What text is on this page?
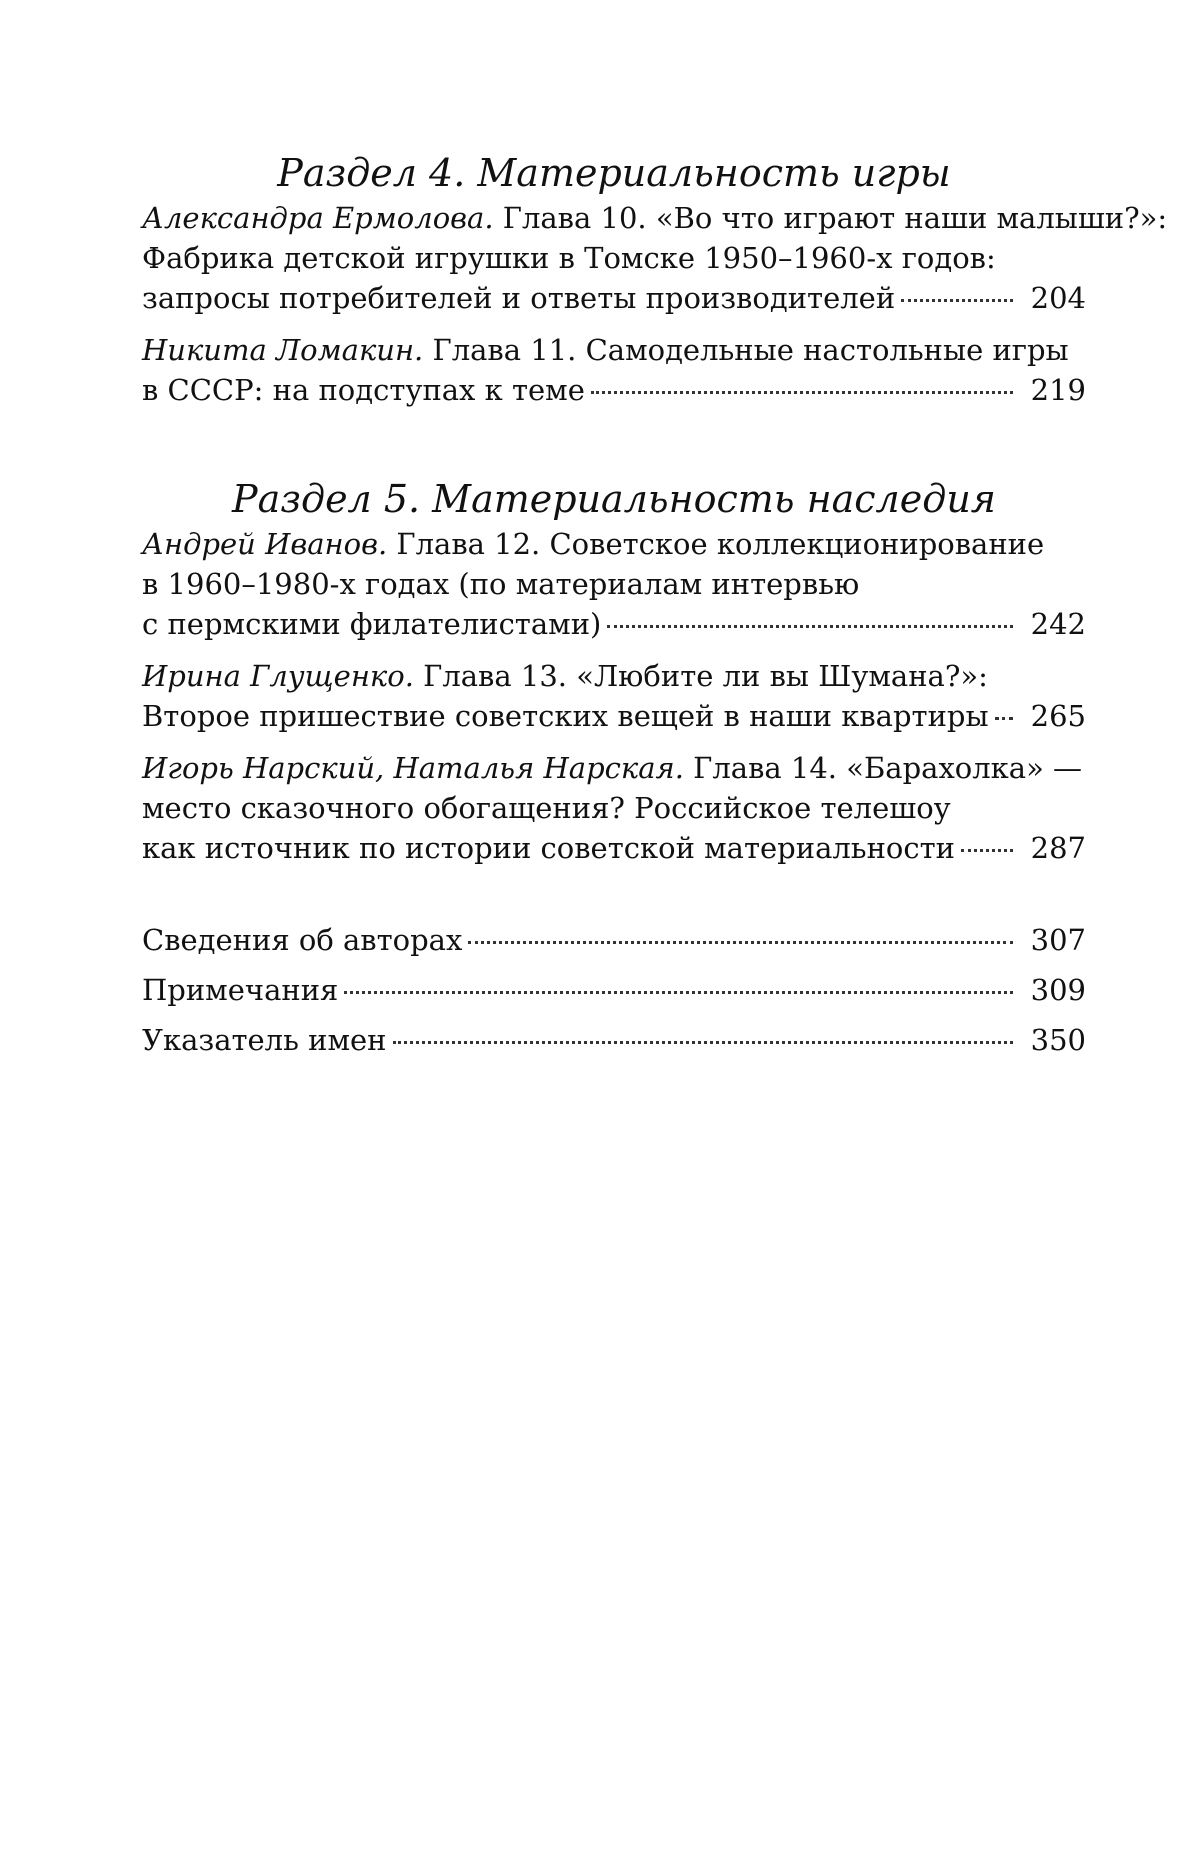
Раздел 4. Материальность игры
Александра Ермолова. Глава 10. «Во что играют наши малыши?»:
Фабрика детской игрушки в Томске 1950–1960-х годов:
запросы потребителей и ответы производителей	204
Никита Ломакин. Глава 11. Самодельные настольные игры
в СССР: на подступах к теме	219
Раздел 5. Материальность наследия
Андрей Иванов. Глава 12. Советское коллекционирование
в 1960–1980-х годах (по материалам интервью
с пермскими филателистами)	242
Ирина Глущенко. Глава 13. «Любите ли вы Шумана?»:
Второе пришествие советских вещей в наши квартиры 265
Игорь Нарский, Наталья Нарская. Глава 14. «Барахолка» —
место сказочного обогащения? Российское телешоу
как источник по истории советской материальности	287
Сведения об авторах	307
Примечания	309
Указатель имен	350
